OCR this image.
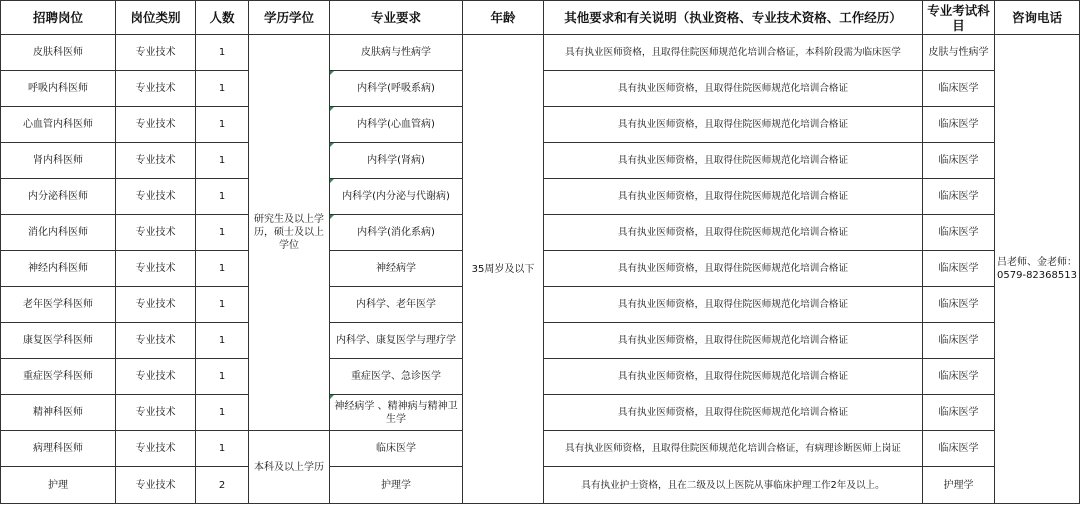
招聘岗位	岗位类别	人数	学历学位	专业要求	年龄	其他要求和有关说明（执业资格、专业技术资格、工作经历）	专业考试科目	咨询电话
皮肤科医师	专业技术	1	研究生及以上学历，硕士及以上学位	皮肤病与性病学	35周岁及以下	具有执业医师资格，且取得住院医师规范化培训合格证，本科阶段需为临床医学	皮肤与性病学	吕老师、金老师：0579-82368513
呼吸内科医师	专业技术	1		内科学(呼吸系病)		具有执业医师资格，且取得住院医师规范化培训合格证	临床医学	
心血管内科医师	专业技术	1		内科学(心血管病)		具有执业医师资格，且取得住院医师规范化培训合格证	临床医学	
肾内科医师	专业技术	1		内科学(肾病)		具有执业医师资格，且取得住院医师规范化培训合格证	临床医学	
内分泌科医师	专业技术	1		内科学(内分泌与代谢病)		具有执业医师资格，且取得住院医师规范化培训合格证	临床医学	
消化内科医师	专业技术	1		内科学(消化系病)		具有执业医师资格，且取得住院医师规范化培训合格证	临床医学	
神经内科医师	专业技术	1		神经病学		具有执业医师资格，且取得住院医师规范化培训合格证	临床医学	
老年医学科医师	专业技术	1		内科学、老年医学		具有执业医师资格，且取得住院医师规范化培训合格证	临床医学	
康复医学科医师	专业技术	1		内科学、康复医学与理疗学		具有执业医师资格，且取得住院医师规范化培训合格证	临床医学	
重症医学科医师	专业技术	1		重症医学、急诊医学		具有执业医师资格，且取得住院医师规范化培训合格证	临床医学	
精神科医师	专业技术	1		神经病学 、精神病与精神卫生学		具有执业医师资格，且取得住院医师规范化培训合格证	临床医学	
病理科医师	专业技术	1	本科及以上学历	临床医学		具有执业医师资格，且取得住院医师规范化培训合格证，有病理诊断医师上岗证	临床医学	
护理	专业技术	2		护理学		具有执业护士资格，且在二级及以上医院从事临床护理工作2年及以上。	护理学	
